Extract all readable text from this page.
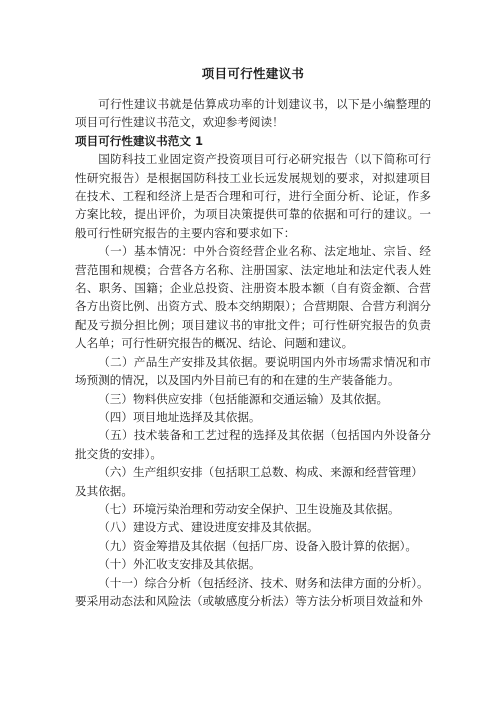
项目可行性建议书

可行性建议书就是估算成功率的计划建议书，以下是小编整理的项目可行性建议书范文，欢迎参考阅读！

项目可行性建议书范文 1

国防科技工业固定资产投资项目可行必研究报告（以下简称可行性研究报告）是根据国防科技工业长远发展规划的要求，对拟建项目在技术、工程和经济上是否合理和可行，进行全面分析、论证，作多方案比较，提出评价，为项目决策提供可靠的依据和可行的建议。一般可行性研究报告的主要内容和要求如下：

（一）基本情况：中外合资经营企业名称、法定地址、宗旨、经营范围和规模；合营各方名称、注册国家、法定地址和法定代表人姓名、职务、国籍；企业总投资、注册资本股本额（自有资金额、合营各方出资比例、出资方式、股本交纳期限）；合营期限、合营方利润分配及亏损分担比例；项目建议书的审批文件；可行性研究报告的负责人名单；可行性研究报告的概况、结论、问题和建议。

（二）产品生产安排及其依据。要说明国内外市场需求情况和市场预测的情况，以及国内外目前已有的和在建的生产装备能力。

（三）物料供应安排（包括能源和交通运输）及其依据。

（四）项目地址选择及其依据。

（五）技术装备和工艺过程的选择及其依据（包括国内外设备分批交货的安排）。

（六）生产组织安排（包括职工总数、构成、来源和经营管理）

及其依据。

（七）环境污染治理和劳动安全保护、卫生设施及其依据。

（八）建设方式、建设进度安排及其依据。

（九）资金筹措及其依据（包括厂房、设备入股计算的依据）。

（十）外汇收支安排及其依据。

（十一）综合分析（包括经济、技术、财务和法律方面的分析）。

要采用动态法和风险法（或敏感度分析法）等方法分析项目效益和外
